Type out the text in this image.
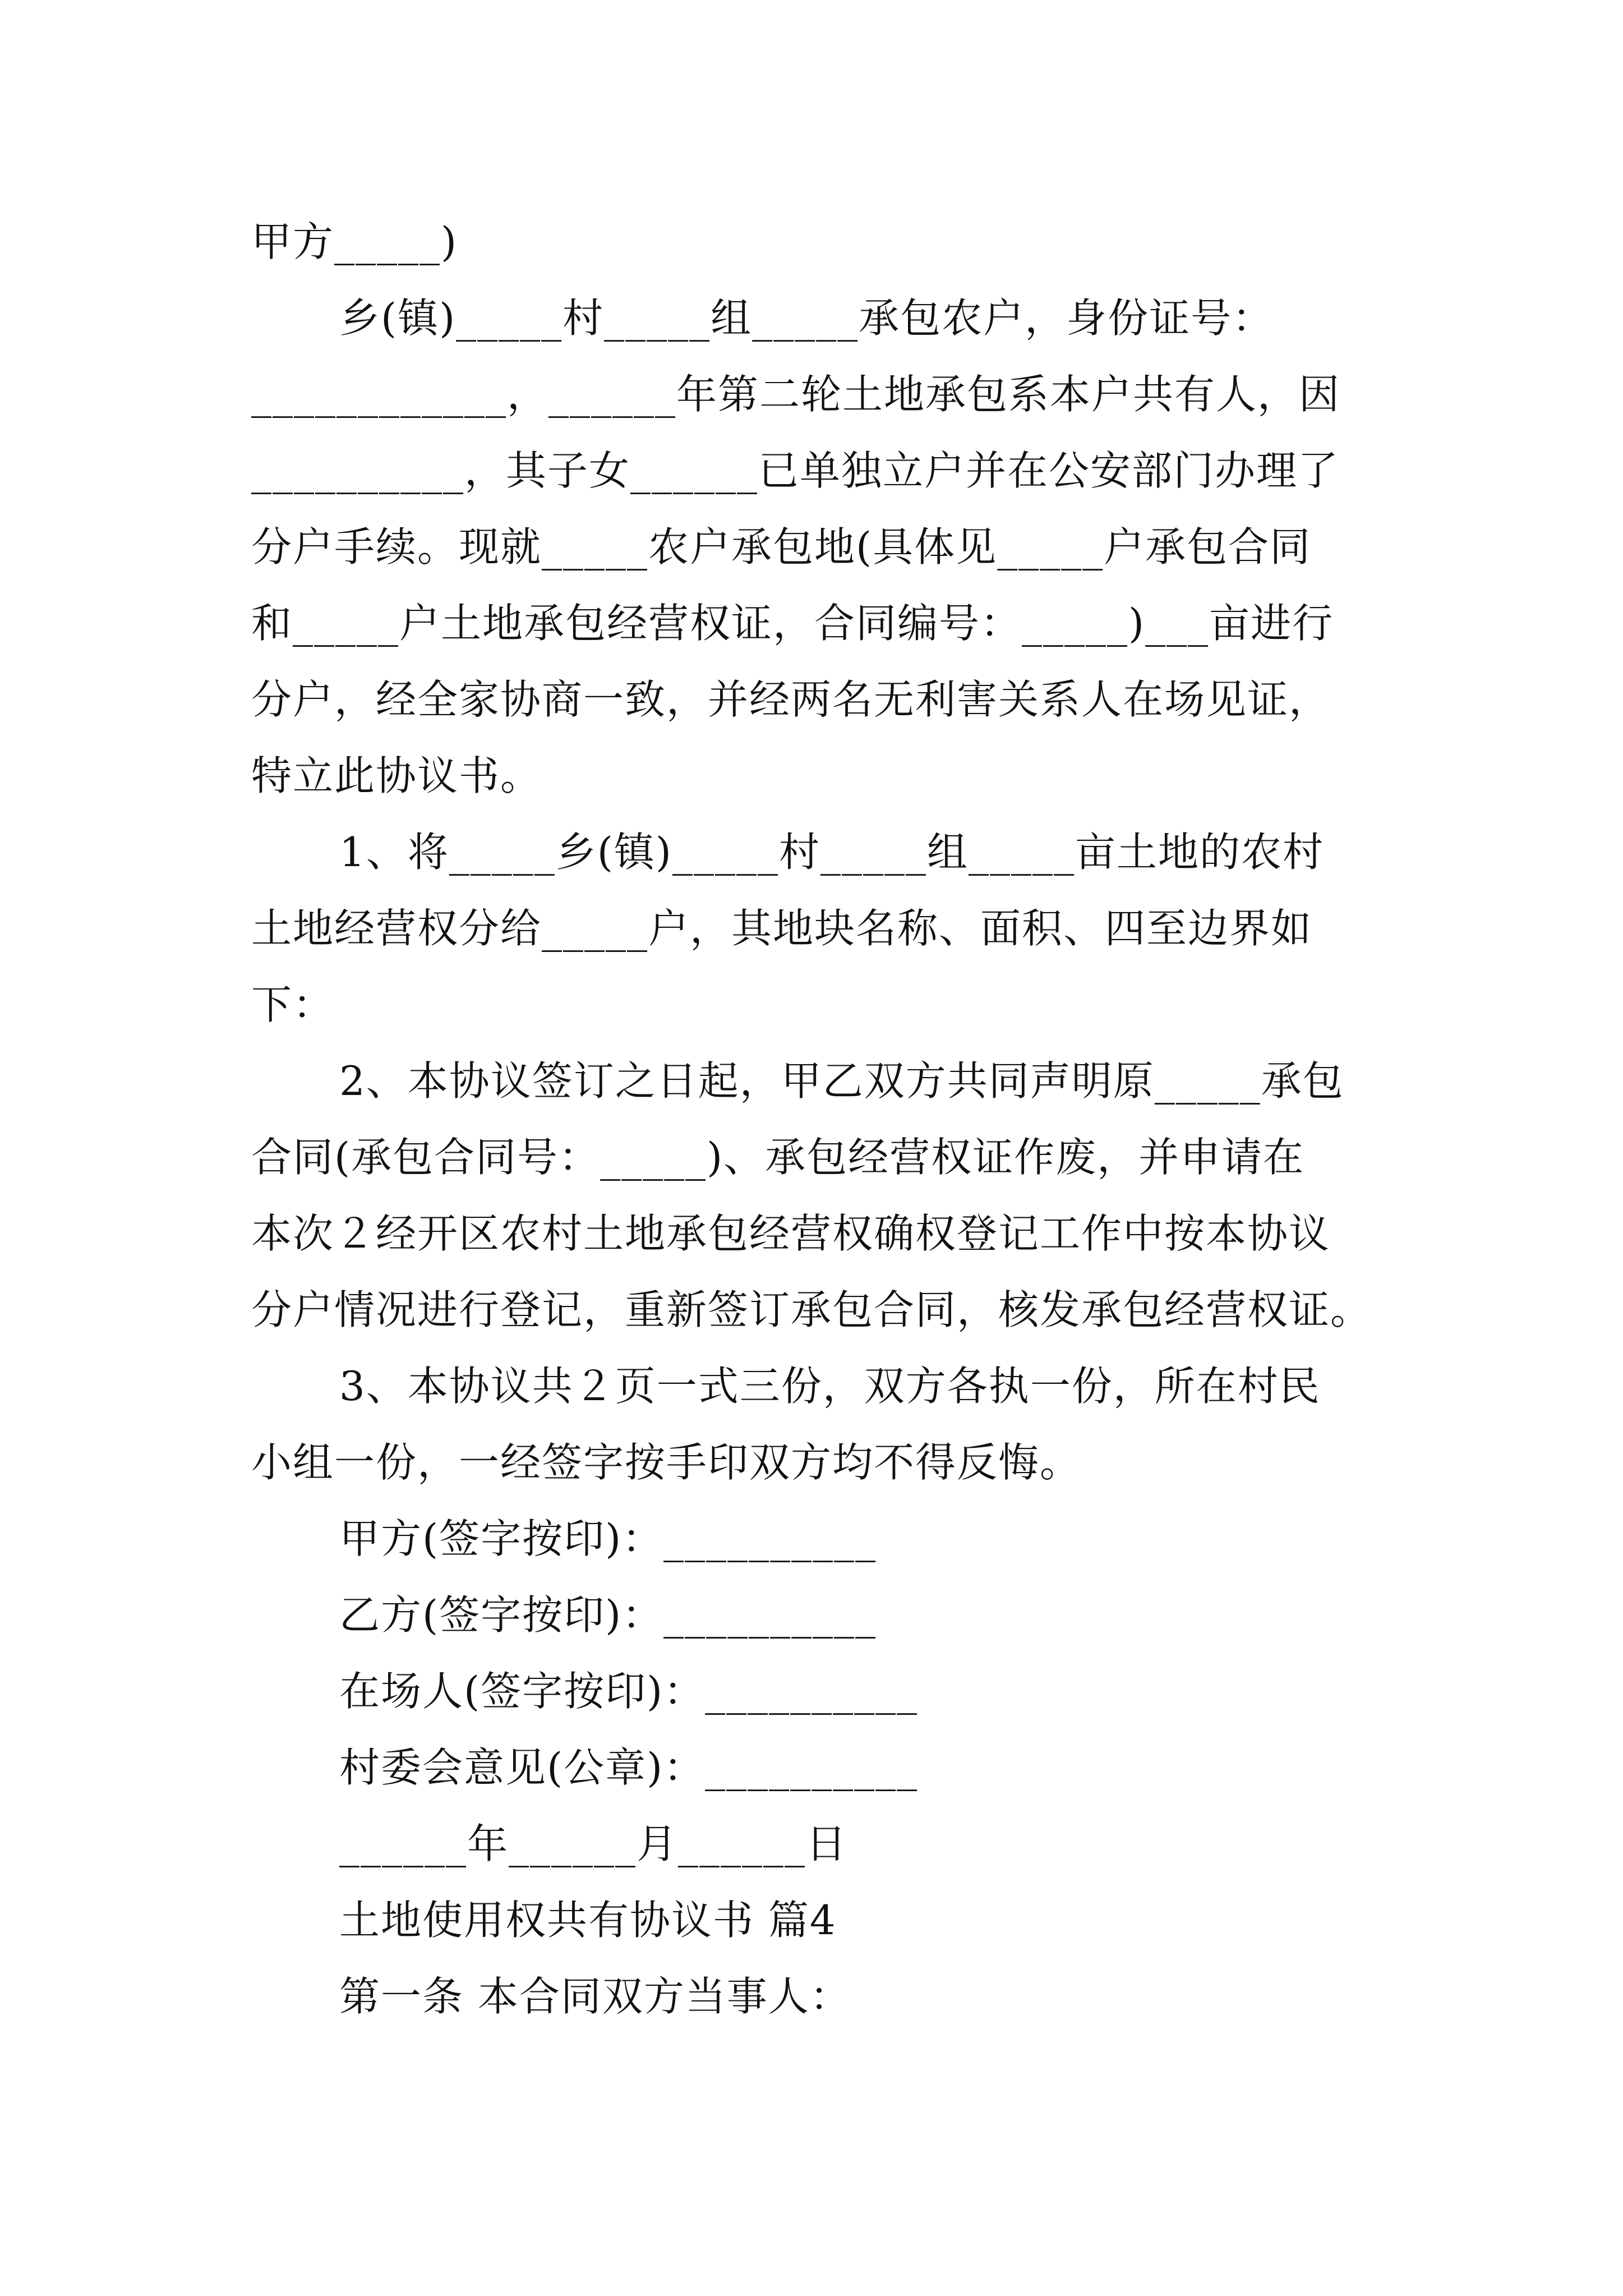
甲方_____)

乡(镇)_____村_____组_____承包农户，身份证号：

____________，______年第二轮土地承包系本户共有人，因

__________，其子女______已单独立户并在公安部门办理了

分户手续。现就_____农户承包地(具体见_____户承包合同

和_____户土地承包经营权证，合同编号：_____)___亩进行

分户，经全家协商一致，并经两名无利害关系人在场见证，

特立此协议书。

1、将_____乡(镇)_____村_____组_____亩土地的农村

土地经营权分给_____户，其地块名称、面积、四至边界如

下：

2、本协议签订之日起，甲乙双方共同声明原_____承包

合同(承包合同号：_____)、承包经营权证作废，并申请在

本次２经开区农村土地承包经营权确权登记工作中按本协议

分户情况进行登记，重新签订承包合同，核发承包经营权证。

3、本协议共２页一式三份，双方各执一份，所在村民

小组一份，一经签字按手印双方均不得反悔。

甲方(签字按印)：__________

乙方(签字按印)：__________

在场人(签字按印)：__________

村委会意见(公章)：__________

______年______月______日

土地使用权共有协议书 篇4

第一条 本合同双方当事人：
